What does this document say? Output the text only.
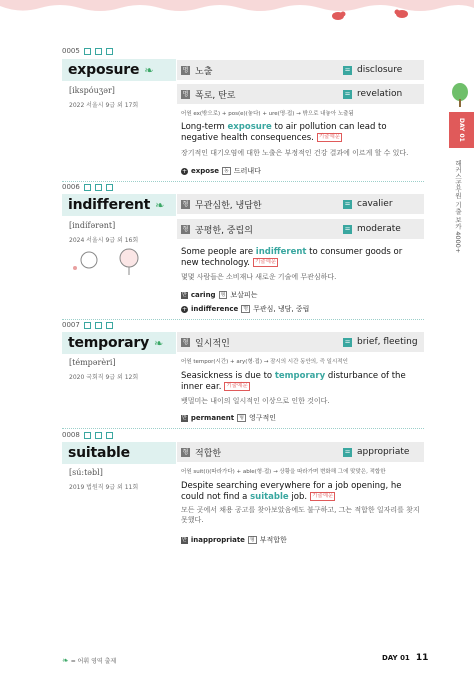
DAY 01
해커스공무원 기출 보카 4000+
0005
exposure ❧
[ikspóuʒər]
2022 서울시 9급 외 17회
명 노출	= disclosure
명 폭로, 탄로	= revelation
어원 ex(밖으로) + pos(e)(놓다) + ure(명·접) → 밖으로 내놓아 노출됨
Long-term exposure to air pollution can lead to negative health consequences. 기출예문
장기적인 대기오염에 대한 노출은 부정적인 건강 결과에 이르게 할 수 있다.
+ expose	동 드러내다
0006
indifferent ❧
[indífərənt]
2024 서울시 9급 외 16회
형 무관심한, 냉담한	= cavalier
형 공평한, 중립의	= moderate
Some people are indifferent to consumer goods or new technology. 기출예문
몇몇 사람들은 소비재나 새로운 기술에 무관심하다.
반 caring	형 보살피는
+ indifference	명 무관심, 냉담, 중립
0007
temporary ❧
[témpərèri]
2020 국회직 9급 외 12회
형 일시적인	= brief, fleeting
어원 tempor(시간) + ary(형·접) → 잠시의 시간 동안의, 즉 일시적인
Seasickness is due to temporary disturbance of the inner ear. 기출예문
뱃멀미는 내이의 일시적인 이상으로 인한 것이다.
반 permanent	형 영구적인
0008
suitable
[sú:təbl]
2019 법원직 9급 외 11회
형 적합한	= appropriate
어원 suit(i)(따라가다) + able(형·접) → 상황을 따라가며 변화해 그에 맞맞은, 적합한
Despite searching everywhere for a job opening, he could not find a suitable job. 기출예문
모든 곳에서 채용 공고를 찾아보았음에도 불구하고, 그는 적합한 일자리를 찾지 못했다.
반 inappropriate	형 부적합한
❧ = 어휘 영역 출제	DAY 01 11
